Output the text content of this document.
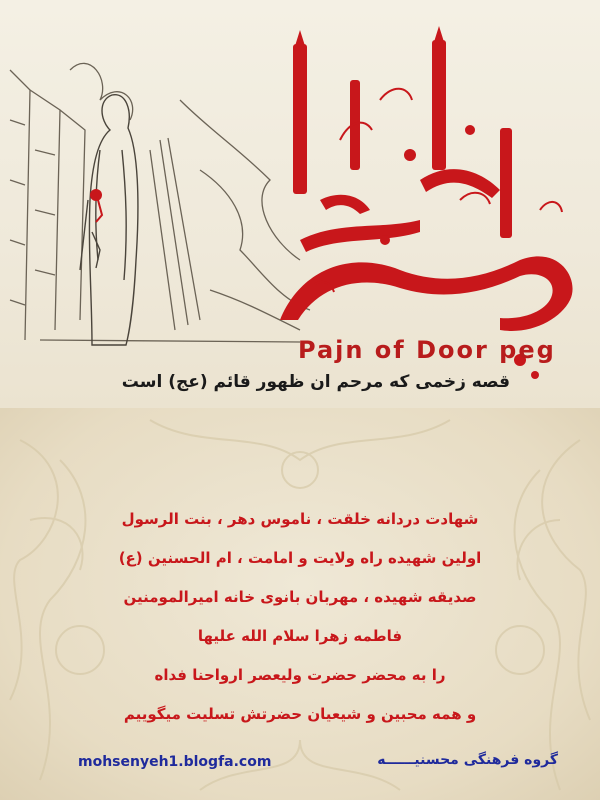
Pajn of Door peg
قصه زخمی که مرحم ان ظهور قائم (عج) است
شهادت دردانه خلقت ، ناموس دهر ، بنت الرسول
اولین شهیده راه ولایت و امامت ، ام الحسنین (ع)
صدیقه شهیده ، مهربان بانوی خانه امیرالمومنین
فاطمه زهرا سلام الله علیها
را به محضر حضرت ولیعصر ارواحنا فداه
و همه محبین و شیعیان حضرتش تسلیت میگوییم
mohsenyeh1.blogfa.com	گروه فرهنگی محسنیــــــه
